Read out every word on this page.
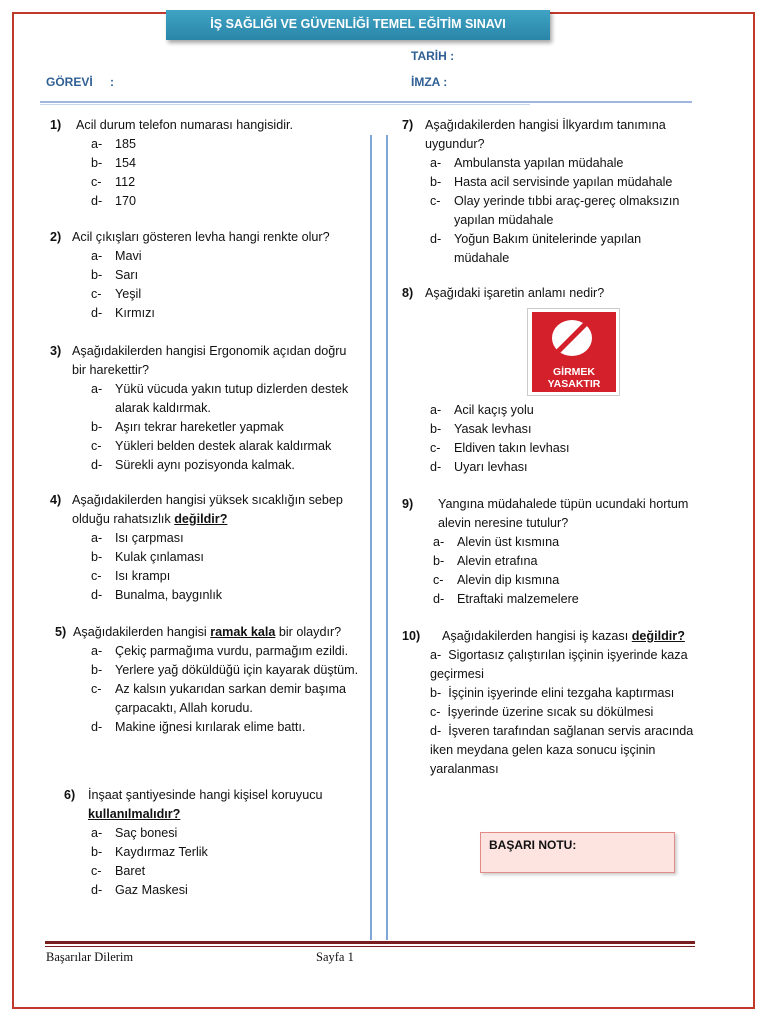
İŞ SAĞLIĞI VE GÜVENLİĞİ TEMEL EĞİTİM SINAVI
TARİH :
GÖREVİ :	İMZA :
1)	Acil durum telefon numarası hangisidir.
a-	185
b-	154
c-	112
d-	170
2) Acil çıkışları gösteren levha hangi renkte olur?
a-	Mavi
b-	Sarı
c-	Yeşil
d-	Kırmızı
3) Aşağıdakilerden hangisi Ergonomik açıdan doğru bir harekettir?
a-	Yükü vücuda yakın tutup dizlerden destek alarak kaldırmak.
b-	Aşırı tekrar hareketler yapmak
c-	Yükleri belden destek alarak kaldırmak
d-	Sürekli aynı pozisyonda kalmak.
4) Aşağıdakilerden hangisi yüksek sıcaklığın sebep olduğu rahatsızlık değildir?
a-	Isı çarpması
b-	Kulak çınlaması
c-	Isı krampı
d-	Bunalma, baygınlık
5) Aşağıdakilerden hangisi ramak kala bir olaydır?
a-	Çekiç parmağıma vurdu, parmağım ezildi.
b-	Yerlere yağ döküldüğü için kayarak düştüm.
c-	Az kalsın yukarıdan sarkan demir başıma çarpacaktı, Allah korudu.
d-	Makine iğnesi kırılarak elime battı.
6)	İnşaat şantiyesinde hangi kişisel koruyucu
kullanılmalıdır?
a-	Saç bonesi
b-	Kaydırmaz Terlik
c-	Baret
d-	Gaz Maskesi
7) Aşağıdakilerden hangisi İlkyardım tanımına uygundur?
a-	Ambulansta yapılan müdahale
b-	Hasta acil servisinde yapılan müdahale
c-	Olay yerinde tıbbi araç-gereç olmaksızın yapılan müdahale
d-	Yoğun Bakım ünitelerinde yapılan müdahale
8) Aşağıdaki işaretin anlamı nedir?
GİRMEK
YASAKTIR
a-	Acil kaçış yolu
b-	Yasak levhası
c-	Eldiven takın levhası
d-	Uyarı levhası
9)	Yangına müdahalede tüpün ucundaki hortum alevin neresine tutulur?
a-	Alevin üst kısmına
b-	Alevin etrafına
c-	Alevin dip kısmına
d-	Etraftaki malzemelere
10)	Aşağıdakilerden hangisi iş kazası değildir?
a- Sigortasız çalıştırılan işçinin işyerinde kaza geçirmesi
b- İşçinin işyerinde elini tezgaha kaptırması
c- İşyerinde üzerine sıcak su dökülmesi
d- İşveren tarafından sağlanan servis aracında iken meydana gelen kaza sonucu işçinin yaralanması
BAŞARI NOTU:
Başarılar Dilerim	Sayfa 1
